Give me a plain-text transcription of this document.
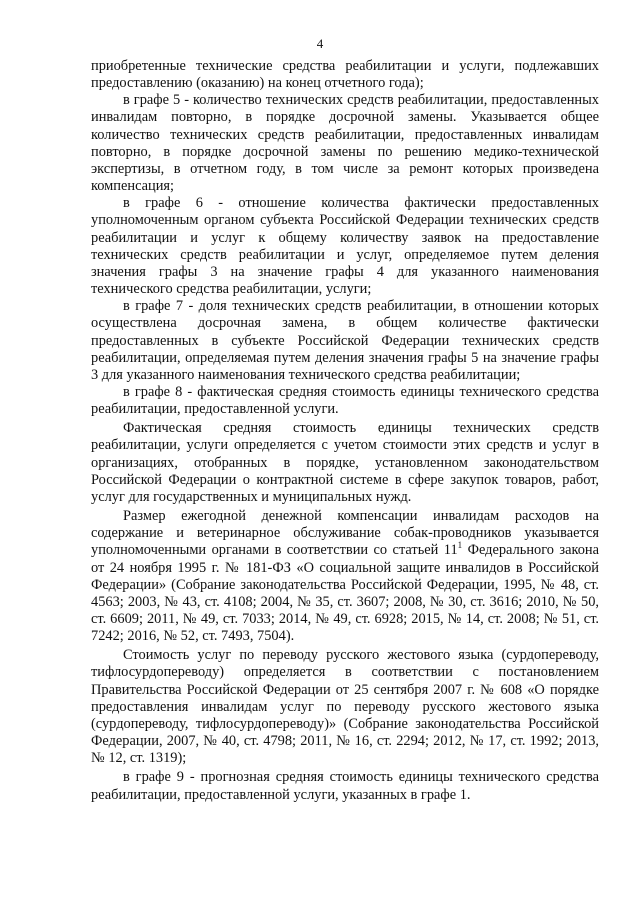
4

приобретенные технические средства реабилитации и услуги, подлежавших предоставлению (оказанию) на конец отчетного года);

в графе 5 - количество технических средств реабилитации, предоставленных инвалидам повторно, в порядке досрочной замены. Указывается общее количество технических средств реабилитации, предоставленных инвалидам повторно, в порядке досрочной замены по решению медико-технической экспертизы, в отчетном году, в том числе за ремонт которых произведена компенсация;

в графе 6 - отношение количества фактически предоставленных уполномоченным органом субъекта Российской Федерации технических средств реабилитации и услуг к общему количеству заявок на предоставление технических средств реабилитации и услуг, определяемое путем деления значения графы 3 на значение графы 4 для указанного наименования технического средства реабилитации, услуги;

в графе 7 - доля технических средств реабилитации, в отношении которых осуществлена досрочная замена, в общем количестве фактически предоставленных в субъекте Российской Федерации технических средств реабилитации, определяемая путем деления значения графы 5 на значение графы 3 для указанного наименования технического средства реабилитации;

в графе 8 - фактическая средняя стоимость единицы технического средства реабилитации, предоставленной услуги.

Фактическая средняя стоимость единицы технических средств реабилитации, услуги определяется с учетом стоимости этих средств и услуг в организациях, отобранных в порядке, установленном законодательством Российской Федерации о контрактной системе в сфере закупок товаров, работ, услуг для государственных и муниципальных нужд.

Размер ежегодной денежной компенсации инвалидам расходов на содержание и ветеринарное обслуживание собак-проводников указывается уполномоченными органами в соответствии со статьей $11^1$ Федерального закона от 24 ноября 1995 г. № 181-ФЗ «О социальной защите инвалидов в Российской Федерации» (Собрание законодательства Российской Федерации, 1995, № 48, ст. 4563; 2003, № 43, ст. 4108; 2004, № 35, ст. 3607; 2008, № 30, ст. 3616; 2010, № 50, ст. 6609; 2011, № 49, ст. 7033; 2014, № 49, ст. 6928; 2015, № 14, ст. 2008; № 51, ст. 7242; 2016, № 52, ст. 7493, 7504).

Стоимость услуг по переводу русского жестового языка (сурдопереводу, тифлосурдопереводу) определяется в соответствии с постановлением Правительства Российской Федерации от 25 сентября 2007 г. № 608 «О порядке предоставления инвалидам услуг по переводу русского жестового языка (сурдопереводу, тифлосурдопереводу)» (Собрание законодательства Российской Федерации, 2007, № 40, ст. 4798; 2011, № 16, ст. 2294; 2012, № 17, ст. 1992; 2013, № 12, ст. 1319);

в графе 9 - прогнозная средняя стоимость единицы технического средства реабилитации, предоставленной услуги, указанных в графе 1.
